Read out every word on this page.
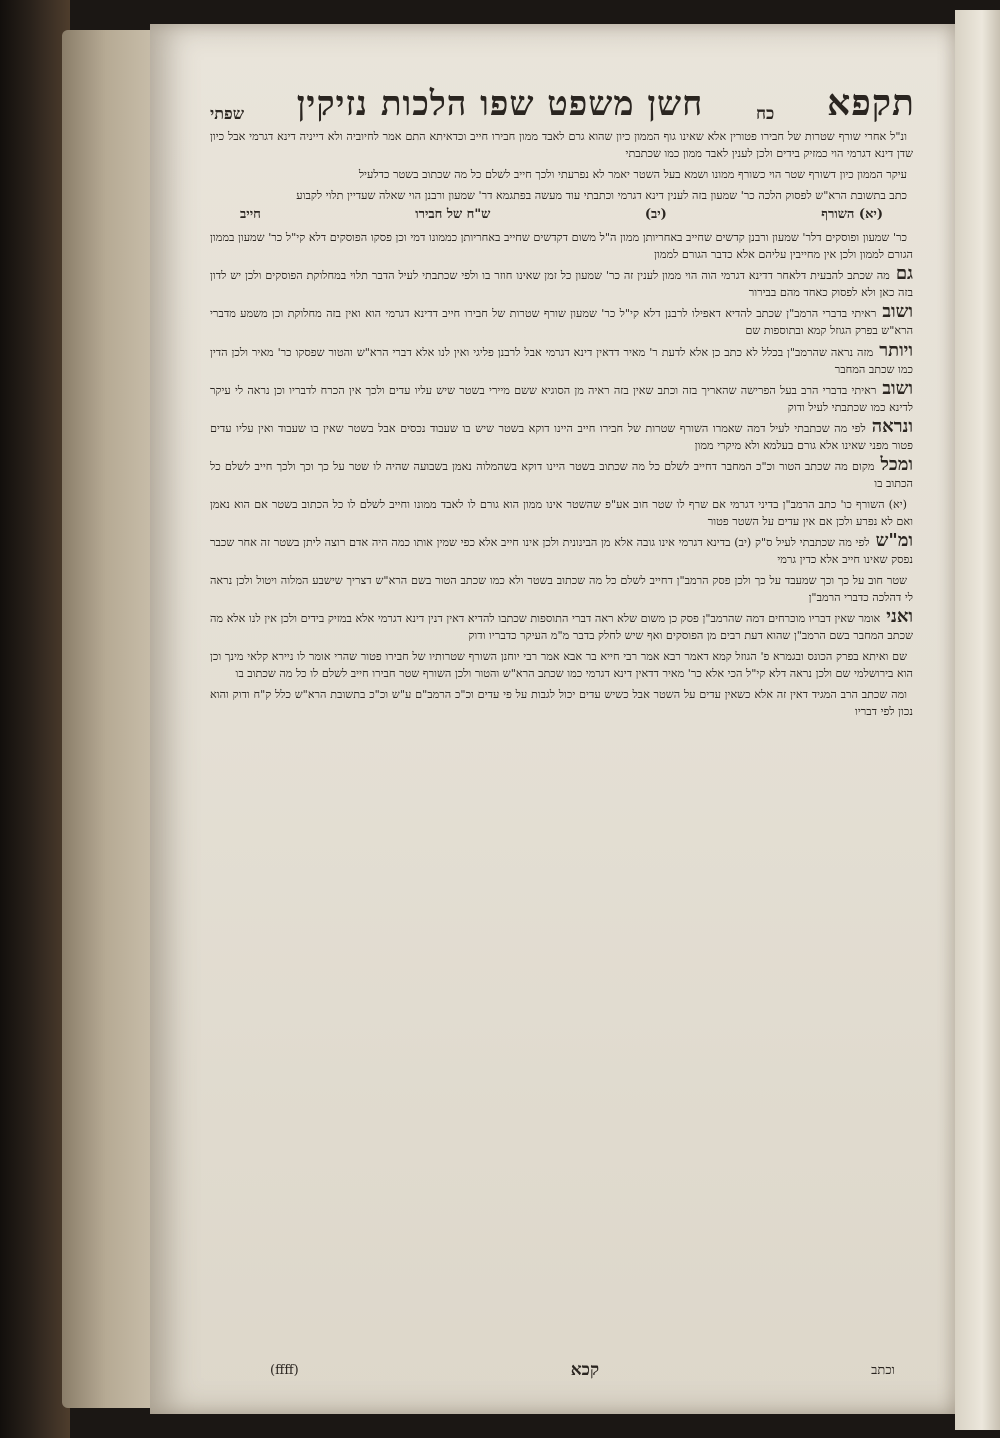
תקפא
כח
חשן משפט שפו הלכות נזיקין
שפתי

ונ"ל אחרי שורף שטרות של חבירו פטורין אלא שאינו גוף הממון כיון שהוא גרם לאבד ממון חבירו חייב וכדאיתא התם אמר לחיוביה ולא דייניה דינא דגרמי אבל כיון שדן דינא דגרמי הוי כמזיק בידים ולכן לענין לאבד ממון כמו שכתבתי

עיקר הממון כיון דשורף שטר הוי כשורף ממונו ושמא בעל השטר יאמר לא נפרעתי ולכך חייב לשלם כל מה שכתוב בשטר כדלעיל

כתב בתשובת הרא"ש לפסוק הלכה כר' שמעון בזה לענין דינא דגרמי וכתבתי עוד מעשה בפתגמא דר' שמעון ורבנן הוי שאלה שעדיין תלוי לקבוע

(יא) השורף
(יב)
ש"ח של חבירו
חייב

כר' שמעון ופוסקים דלר' שמעון ורבנן קדשים שחייב באחריותן ממון ה"ל משום דקדשים שחייב באחריותן כממונו דמי וכן פסקו הפוסקים דלא קי"ל כר' שמעון בממון הגורם לממון ולכן אין מחייבין עליהם אלא כדבר הגורם לממון

גםמה שכתב להבעית דלאחר דדינא דגרמי הוה הוי ממון לענין זה כר' שמעון כל זמן שאינו חוזר בו ולפי שכתבתי לעיל הדבר תלוי במחלוקת הפוסקים ולכן יש לדון בזה כאן ולא לפסוק כאחד מהם בבירור

ושובראיתי בדברי הרמב"ן שכתב להדיא דאפילו לרבנן דלא קי"ל כר' שמעון שורף שטרות של חבירו חייב דדינא דגרמי הוא ואין בזה מחלוקת וכן משמע מדברי הרא"ש בפרק הגוזל קמא ובתוספות שם

ויותרמזה נראה שהרמב"ן בכלל לא כתב כן אלא לדעת ר' מאיר דדאין דינא דגרמי אבל לרבנן פליגי ואין לנו אלא דברי הרא"ש והטור שפסקו כר' מאיר ולכן הדין כמו שכתב המחבר

ושובראיתי בדברי הרב בעל הפרישה שהאריך בזה וכתב שאין בזה ראיה מן הסוגיא ששם מיירי בשטר שיש עליו עדים ולכך אין הכרח לדבריו וכן נראה לי עיקר לדינא כמו שכתבתי לעיל ודוק

ונראהלפי מה שכתבתי לעיל דמה שאמרו השורף שטרות של חבירו חייב היינו דוקא בשטר שיש בו שעבוד נכסים אבל בשטר שאין בו שעבוד ואין עליו עדים פטור מפני שאינו אלא גורם בעלמא ולא מיקרי ממון

ומכלמקום מה שכתב הטור וכ"כ המחבר דחייב לשלם כל מה שכתוב בשטר היינו דוקא בשהמלוה נאמן בשבועה שהיה לו שטר על כך וכך ולכך חייב לשלם כל הכתוב בו

(יא) השורף כו' כתב הרמב"ן בדיני דגרמי אם שרף לו שטר חוב אע"פ שהשטר אינו ממון הוא גורם לו לאבד ממונו וחייב לשלם לו כל הכתוב בשטר אם הוא נאמן ואם לא נפרע ולכן אם אין עדים על השטר פטור

ומ"שלפי מה שכתבתי לעיל ס"ק (יב) בדינא דגרמי אינו גובה אלא מן הבינונית ולכן אינו חייב אלא כפי שמין אותו כמה היה אדם רוצה ליתן בשטר זה אחר שכבר נפסק שאינו חייב אלא כדין גרמי

שטר חוב על כך וכך שמעבד על כך ולכן פסק הרמב"ן דחייב לשלם כל מה שכתוב בשטר ולא כמו שכתב הטור בשם הרא"ש דצריך שישבע המלוה ויטול ולכן נראה לי דהלכה כדברי הרמב"ן

ואניאומר שאין דבריו מוכרחים דמה שהרמב"ן פסק כן משום שלא ראה דברי התוספות שכתבו להדיא דאין דנין דינא דגרמי אלא במזיק בידים ולכן אין לנו אלא מה שכתב המחבר בשם הרמב"ן שהוא דעת רבים מן הפוסקים ואף שיש לחלק בדבר מ"מ העיקר כדבריו ודוק

שם ואיתא בפרק הכונס ובגמרא פ' הגוזל קמא דאמר רבא אמר רבי חייא בר אבא אמר רבי יוחנן השורף שטרותיו של חבירו פטור שהרי אומר לו ניירא קלאי מינך וכן הוא בירושלמי שם ולכן נראה דלא קי"ל הכי אלא כר' מאיר דדאין דינא דגרמי כמו שכתב הרא"ש והטור ולכן השורף שטר חבירו חייב לשלם לו כל מה שכתוב בו

ומה שכתב הרב המגיד דאין זה אלא כשאין עדים על השטר אבל כשיש עדים יכול לגבות על פי עדים וכ"כ הרמב"ם ע"ש וכ"כ בתשובת הרא"ש כלל ק"ח ודוק והוא נכון לפי דבריו

וכתב
קכא
(ffff)
